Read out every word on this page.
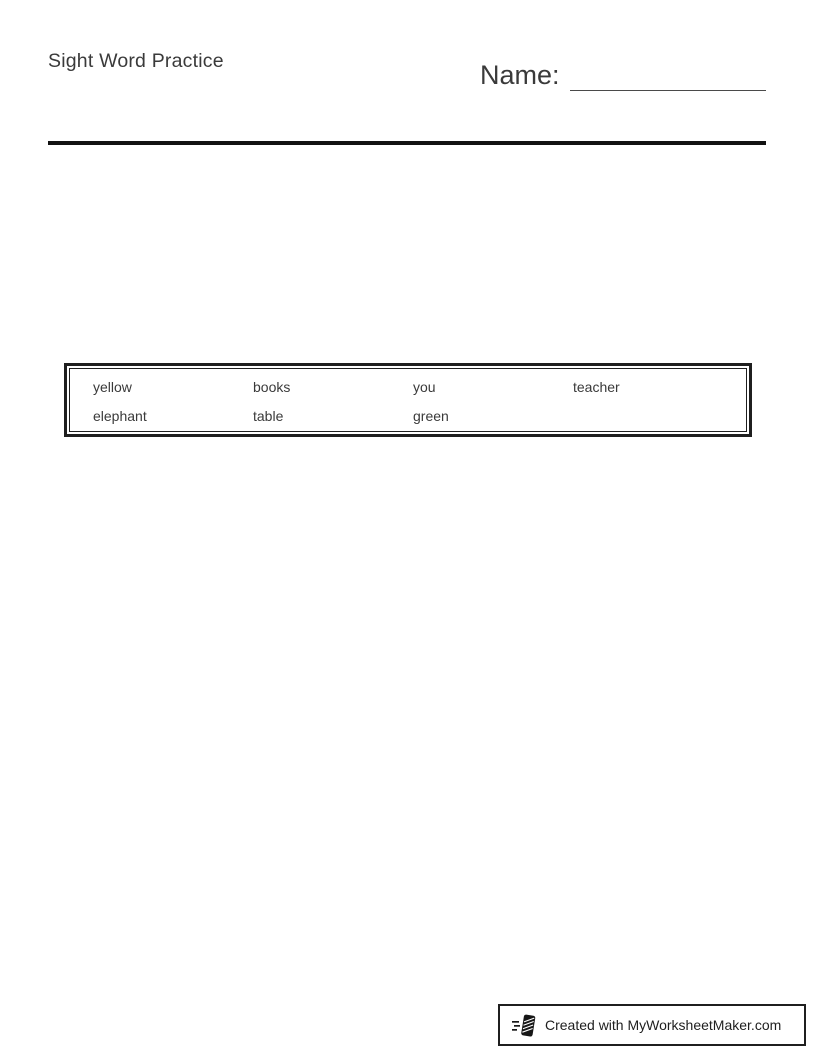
Sight Word Practice	Name:
yellow	books	you	teacher
elephant	table	green
Created with MyWorksheetMaker.com
